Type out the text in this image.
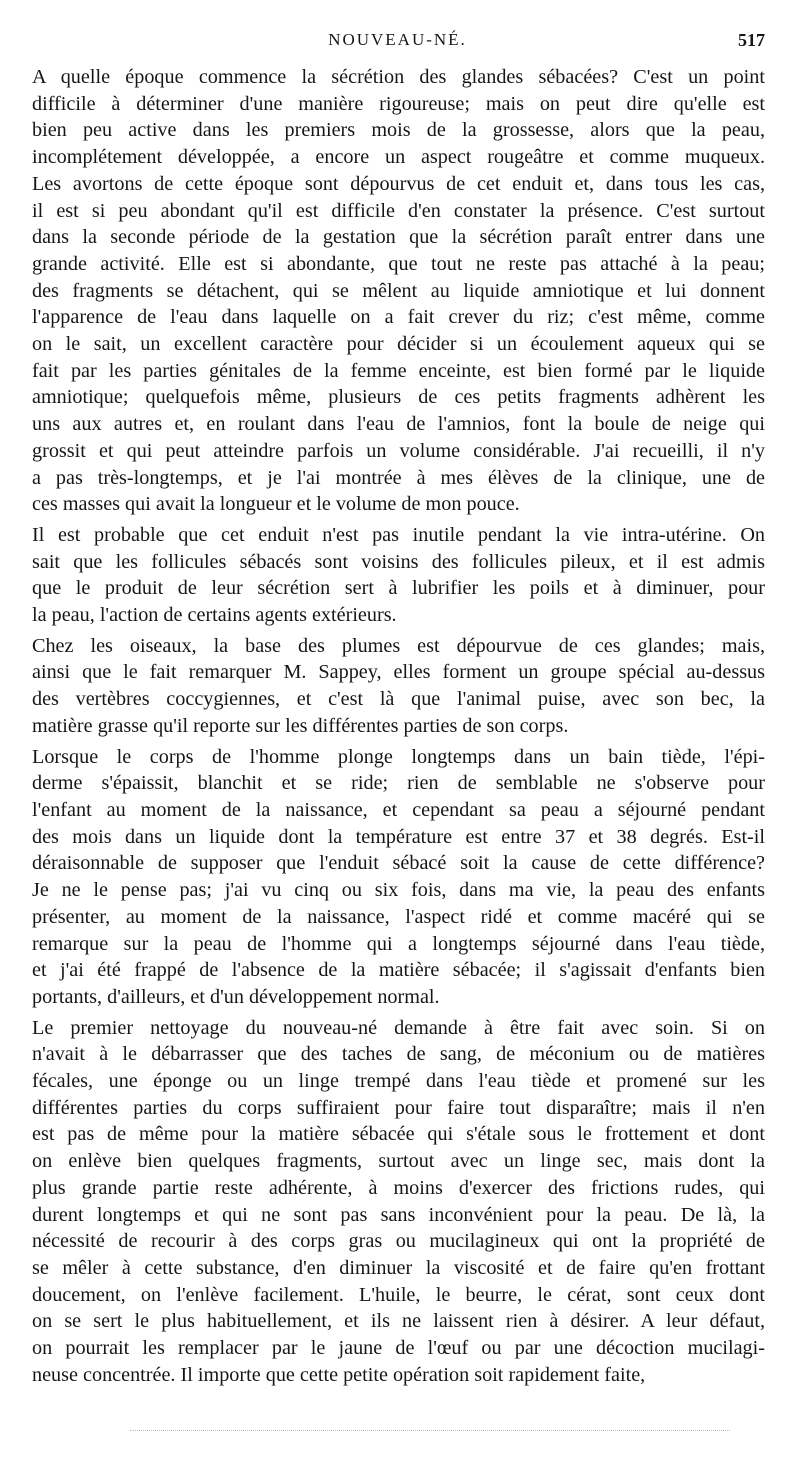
NOUVEAU-NÉ.	517
A quelle époque commence la sécrétion des glandes sébacées? C'est un point
difficile à déterminer d'une manière rigoureuse; mais on peut dire qu'elle est
bien peu active dans les premiers mois de la grossesse, alors que la peau,
incomplétement développée, a encore un aspect rougeâtre et comme muqueux.
Les avortons de cette époque sont dépourvus de cet enduit et, dans tous les cas,
il est si peu abondant qu'il est difficile d'en constater la présence. C'est surtout
dans la seconde période de la gestation que la sécrétion paraît entrer dans une
grande activité. Elle est si abondante, que tout ne reste pas attaché à la peau;
des fragments se détachent, qui se mêlent au liquide amniotique et lui donnent
l'apparence de l'eau dans laquelle on a fait crever du riz; c'est même, comme
on le sait, un excellent caractère pour décider si un écoulement aqueux qui se
fait par les parties génitales de la femme enceinte, est bien formé par le liquide
amniotique; quelquefois même, plusieurs de ces petits fragments adhèrent les
uns aux autres et, en roulant dans l'eau de l'amnios, font la boule de neige qui
grossit et qui peut atteindre parfois un volume considérable. J'ai recueilli, il n'y
a pas très-longtemps, et je l'ai montrée à mes élèves de la clinique, une de
ces masses qui avait la longueur et le volume de mon pouce.
Il est probable que cet enduit n'est pas inutile pendant la vie intra-utérine. On
sait que les follicules sébacés sont voisins des follicules pileux, et il est admis
que le produit de leur sécrétion sert à lubrifier les poils et à diminuer, pour
la peau, l'action de certains agents extérieurs.
Chez les oiseaux, la base des plumes est dépourvue de ces glandes; mais,
ainsi que le fait remarquer M. Sappey, elles forment un groupe spécial au-dessus
des vertèbres coccygiennes, et c'est là que l'animal puise, avec son bec, la
matière grasse qu'il reporte sur les différentes parties de son corps.
Lorsque le corps de l'homme plonge longtemps dans un bain tiède, l'épi-
derme s'épaissit, blanchit et se ride; rien de semblable ne s'observe pour
l'enfant au moment de la naissance, et cependant sa peau a séjourné pendant
des mois dans un liquide dont la température est entre 37 et 38 degrés. Est-il
déraisonnable de supposer que l'enduit sébacé soit la cause de cette différence?
Je ne le pense pas; j'ai vu cinq ou six fois, dans ma vie, la peau des enfants
présenter, au moment de la naissance, l'aspect ridé et comme macéré qui se
remarque sur la peau de l'homme qui a longtemps séjourné dans l'eau tiède,
et j'ai été frappé de l'absence de la matière sébacée; il s'agissait d'enfants bien
portants, d'ailleurs, et d'un développement normal.
Le premier nettoyage du nouveau-né demande à être fait avec soin. Si on
n'avait à le débarrasser que des taches de sang, de méconium ou de matières
fécales, une éponge ou un linge trempé dans l'eau tiède et promené sur les
différentes parties du corps suffiraient pour faire tout disparaître; mais il n'en
est pas de même pour la matière sébacée qui s'étale sous le frottement et dont
on enlève bien quelques fragments, surtout avec un linge sec, mais dont la
plus grande partie reste adhérente, à moins d'exercer des frictions rudes, qui
durent longtemps et qui ne sont pas sans inconvénient pour la peau. De là, la
nécessité de recourir à des corps gras ou mucilagineux qui ont la propriété de
se mêler à cette substance, d'en diminuer la viscosité et de faire qu'en frottant
doucement, on l'enlève facilement. L'huile, le beurre, le cérat, sont ceux dont
on se sert le plus habituellement, et ils ne laissent rien à désirer. A leur défaut,
on pourrait les remplacer par le jaune de l'œuf ou par une décoction mucilagi-
neuse concentrée. Il importe que cette petite opération soit rapidement faite,
